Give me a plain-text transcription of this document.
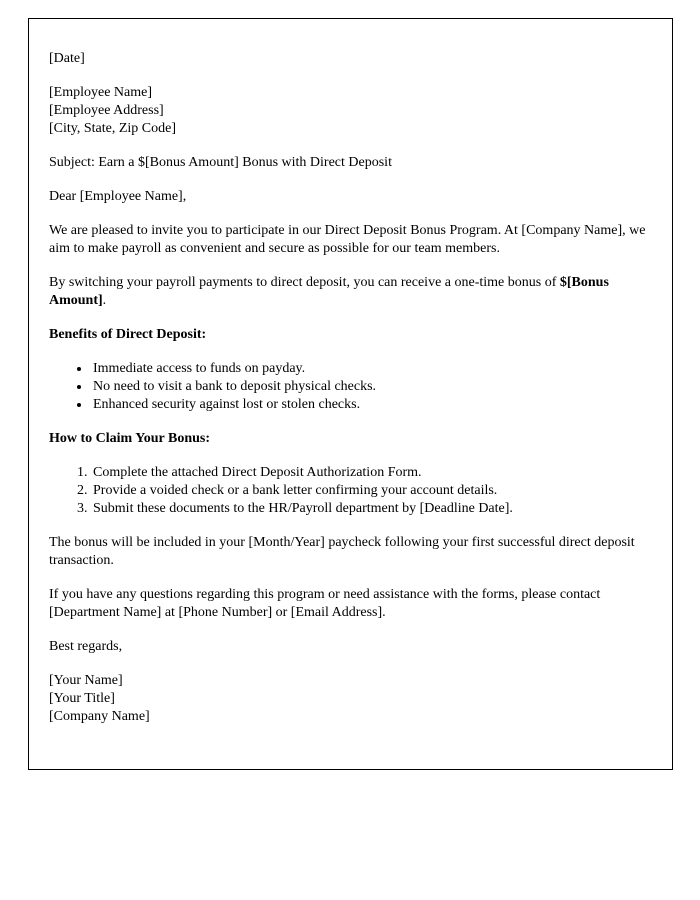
[Date]

[Employee Name]
[Employee Address]
[City, State, Zip Code]

Subject: Earn a $[Bonus Amount] Bonus with Direct Deposit

Dear [Employee Name],

We are pleased to invite you to participate in our Direct Deposit Bonus Program. At [Company Name], we aim to make payroll as convenient and secure as possible for our team members.

By switching your payroll payments to direct deposit, you can receive a one-time bonus of $[Bonus Amount].

Benefits of Direct Deposit:

• Immediate access to funds on payday.
• No need to visit a bank to deposit physical checks.
• Enhanced security against lost or stolen checks.

How to Claim Your Bonus:

1. Complete the attached Direct Deposit Authorization Form.
2. Provide a voided check or a bank letter confirming your account details.
3. Submit these documents to the HR/Payroll department by [Deadline Date].

The bonus will be included in your [Month/Year] paycheck following your first successful direct deposit transaction.

If you have any questions regarding this program or need assistance with the forms, please contact [Department Name] at [Phone Number] or [Email Address].

Best regards,

[Your Name]
[Your Title]
[Company Name]
